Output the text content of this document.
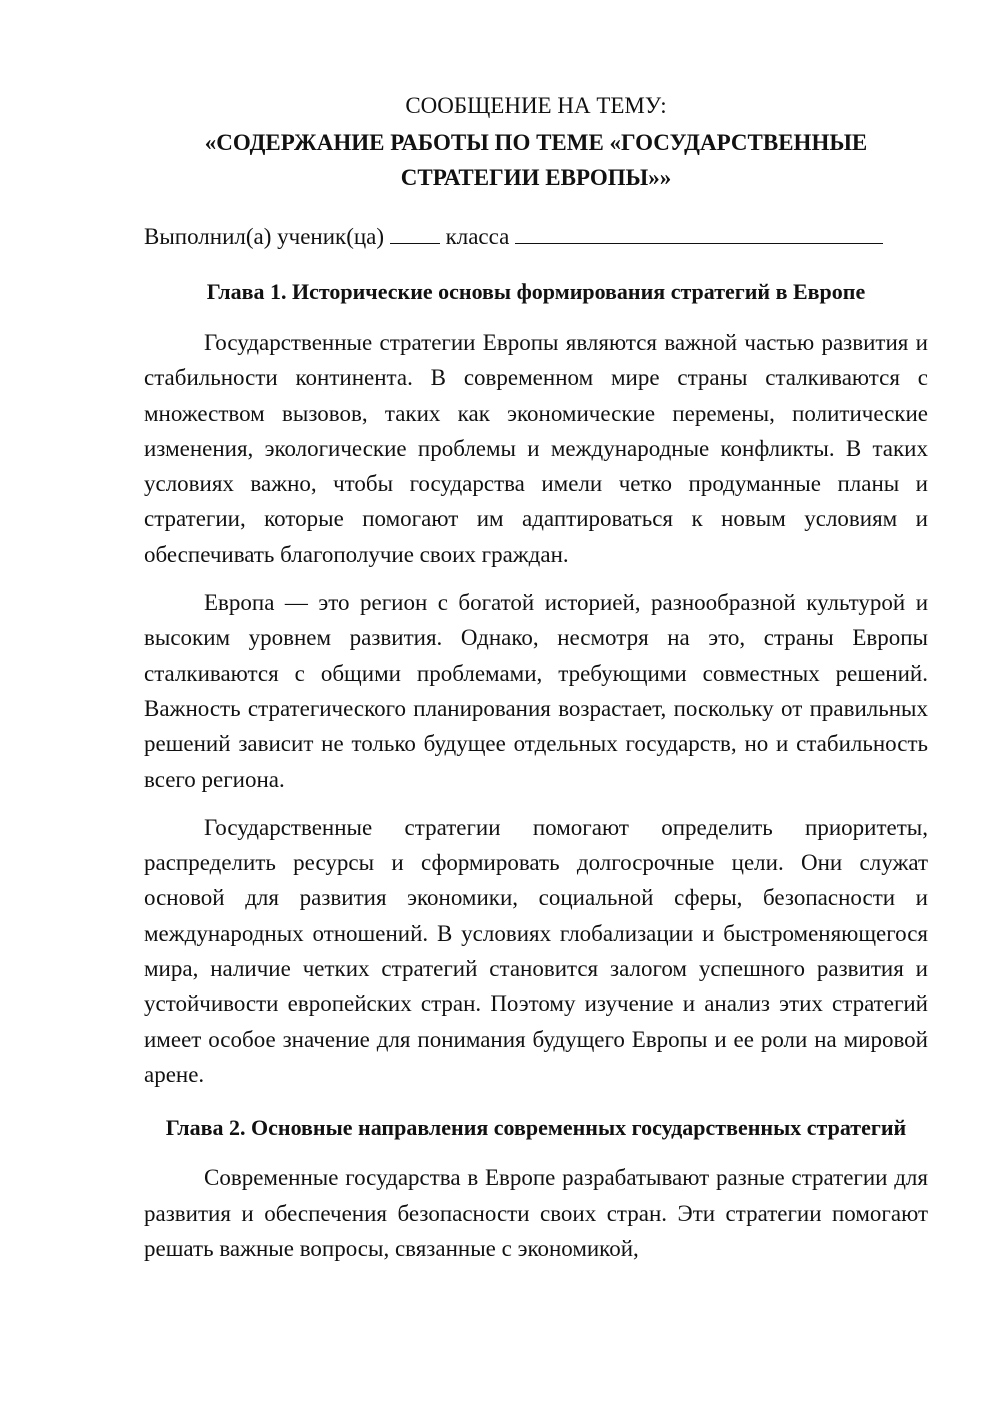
СООБЩЕНИЕ НА ТЕМУ:

«СОДЕРЖАНИЕ РАБОТЫ ПО ТЕМЕ «ГОСУДАРСТВЕННЫЕ

СТРАТЕГИИ ЕВРОПЫ»»

Выполнил(а) ученик(ца)	класса
Глава 1. Исторические основы формирования стратегий в Европе

Государственные стратегии Европы являются важной частью развития и стабильности континента. В современном мире страны сталкиваются с множеством вызовов, таких как экономические перемены, политические изменения, экологические проблемы и международные конфликты. В таких условиях важно, чтобы государства имели четко продуманные планы и стратегии, которые помогают им адаптироваться к новым условиям и обеспечивать благополучие своих граждан.

Европа — это регион с богатой историей, разнообразной культурой и высоким уровнем развития. Однако, несмотря на это, страны Европы сталкиваются с общими проблемами, требующими совместных решений. Важность стратегического планирования возрастает, поскольку от правильных решений зависит не только будущее отдельных государств, но и стабильность всего региона.

Государственные стратегии помогают определить приоритеты, распределить ресурсы и сформировать долгосрочные цели. Они служат основой для развития экономики, социальной сферы, безопасности и международных отношений. В условиях глобализации и быстроменяющегося мира, наличие четких стратегий становится залогом успешного развития и устойчивости европейских стран. Поэтому изучение и анализ этих стратегий имеет особое значение для понимания будущего Европы и ее роли на мировой арене.

Глава 2. Основные направления современных государственных стратегий

Современные государства в Европе разрабатывают разные стратегии для развития и обеспечения безопасности своих стран. Эти стратегии помогают решать важные вопросы, связанные с экономикой,
